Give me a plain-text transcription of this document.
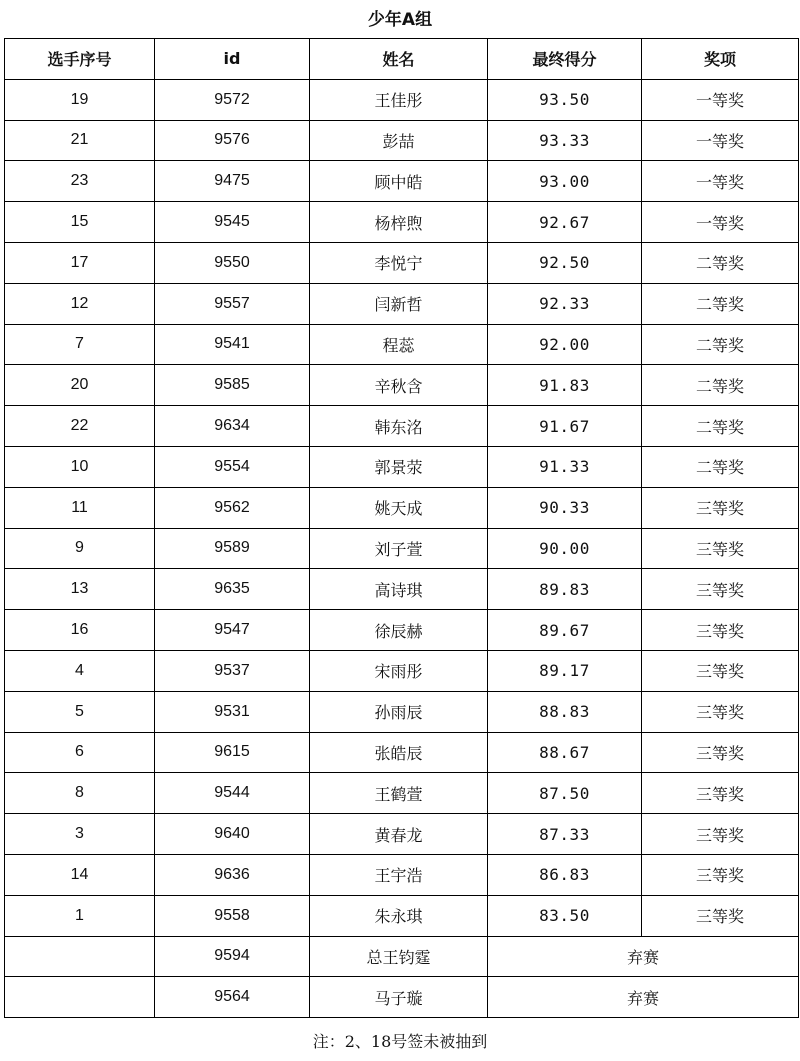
少年A组
选手序号	id	姓名	最终得分	奖项
19	9572	王佳彤	93.50	一等奖
21	9576	彭喆	93.33	一等奖
23	9475	顾中皓	93.00	一等奖
15	9545	杨梓煦	92.67	一等奖
17	9550	李悦宁	92.50	二等奖
12	9557	闫新哲	92.33	二等奖
7	9541	程蕊	92.00	二等奖
20	9585	辛秋含	91.83	二等奖
22	9634	韩东洺	91.67	二等奖
10	9554	郭景荥	91.33	二等奖
11	9562	姚天成	90.33	三等奖
9	9589	刘子萱	90.00	三等奖
13	9635	高诗琪	89.83	三等奖
16	9547	徐辰赫	89.67	三等奖
4	9537	宋雨彤	89.17	三等奖
5	9531	孙雨辰	88.83	三等奖
6	9615	张皓辰	88.67	三等奖
8	9544	王鹤萱	87.50	三等奖
3	9640	黄春龙	87.33	三等奖
14	9636	王宇浩	86.83	三等奖
1	9558	朱永琪	83.50	三等奖
	9594	总王钧霆	弃赛	
	9564	马子璇	弃赛	
注：2、18号签未被抽到
